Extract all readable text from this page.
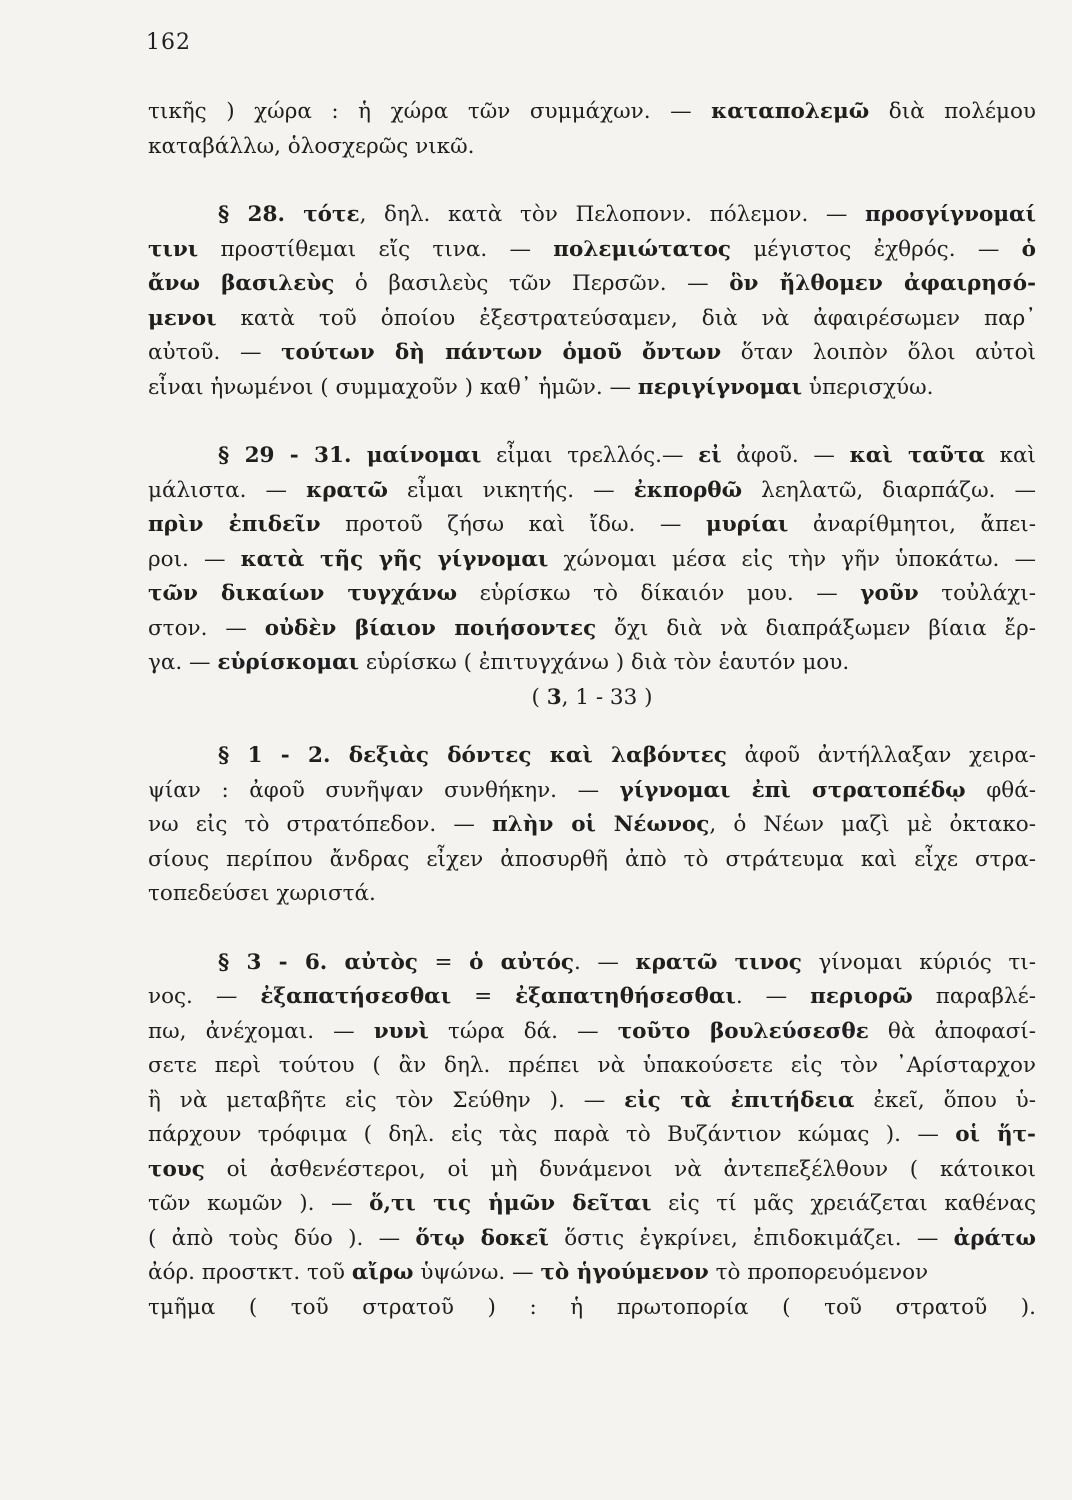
162
τικῆς ) χώρα : ἡ χώρα τῶν συμμάχων. — καταπολεμῶ διὰ πολέμου
καταβάλλω, ὁλοσχερῶς νικῶ.
§ 28. τότε, δηλ. κατὰ τὸν Πελοπονν. πόλεμον. — προσγίγνομαί
τινι προστίθεμαι εἴς τινα. — πολεμιώτατος μέγιστος ἐχθρός. — ὁ
ἄνω βασιλεὺς ὁ βασιλεὺς τῶν Περσῶν. — ὃν ἤλθομεν ἀφαιρησό-
μενοι κατὰ τοῦ ὁποίου ἐξεστρατεύσαμεν, διὰ νὰ ἀφαιρέσωμεν παρ᾽
αὐτοῦ. — τούτων δὴ πάντων ὁμοῦ ὄντων ὅταν λοιπὸν ὅλοι αὐτοὶ
εἶναι ἡνωμένοι ( συμμαχοῦν ) καθ᾽ ἡμῶν. — περιγίγνομαι ὑπερισχύω.
§ 29 - 31. μαίνομαι εἶμαι τρελλός.— εἰ ἀφοῦ. — καὶ ταῦτα καὶ
μάλιστα. — κρατῶ εἶμαι νικητής. — ἐκπορθῶ λεηλατῶ, διαρπάζω. —
πρὶν ἐπιδεῖν προτοῦ ζήσω καὶ ἴδω. — μυρίαι ἀναρίθμητοι, ἄπει-
ροι. — κατὰ τῆς γῆς γίγνομαι χώνομαι μέσα εἰς τὴν γῆν ὑποκάτω. —
τῶν δικαίων τυγχάνω εὑρίσκω τὸ δίκαιόν μου. — γοῦν τοὐλάχι-
στον. — οὐδὲν βίαιον ποιήσοντες ὄχι διὰ νὰ διαπράξωμεν βίαια ἔρ-
γα. — εὑρίσκομαι εὑρίσκω ( ἐπιτυγχάνω ) διὰ τὸν ἑαυτόν μου.
( 3, 1 - 33 )
§ 1 - 2. δεξιὰς δόντες καὶ λαβόντες ἀφοῦ ἀντήλλαξαν χειρα-
ψίαν : ἀφοῦ συνῆψαν συνθήκην. — γίγνομαι ἐπὶ στρατοπέδῳ φθά-
νω εἰς τὸ στρατόπεδον. — πλὴν οἱ Νέωνος, ὁ Νέων μαζὶ μὲ ὀκτακο-
σίους περίπου ἄνδρας εἶχεν ἀποσυρθῆ ἀπὸ τὸ στράτευμα καὶ εἶχε στρα-
τοπεδεύσει χωριστά.
§ 3 - 6. αὐτὸς = ὁ αὐτός. — κρατῶ τινος γίνομαι κύριός τι-
νος. — ἐξαπατήσεσθαι = ἐξαπατηθήσεσθαι. — περιορῶ παραβλέ-
πω, ἀνέχομαι. — νυνὶ τώρα δά. — τοῦτο βουλεύσεσθε θὰ ἀποφασί-
σετε περὶ τούτου ( ἂν δηλ. πρέπει νὰ ὑπακούσετε εἰς τὸν ᾽Αρίσταρχον
ἢ νὰ μεταβῆτε εἰς τὸν Σεύθην ). — εἰς τὰ ἐπιτήδεια ἐκεῖ, ὅπου ὑ-
πάρχουν τρόφιμα ( δηλ. εἰς τὰς παρὰ τὸ Βυζάντιον κώμας ). — οἱ ἥτ-
τους οἱ ἀσθενέστεροι, οἱ μὴ δυνάμενοι νὰ ἀντεπεξέλθουν ( κάτοικοι
τῶν κωμῶν ). — ὅ,τι τις ἡμῶν δεῖται εἰς τί μᾶς χρειάζεται καθένας
( ἀπὸ τοὺς δύο ). — ὅτῳ δοκεῖ ὅστις ἐγκρίνει, ἐπιδοκιμάζει. — ἀράτω
ἀόρ. προστκτ. τοῦ αἴρω ὑψώνω. — τὸ ἡγούμενον τὸ προπορευόμενον
τμῆμα ( τοῦ στρατοῦ ) : ἡ πρωτοπορία ( τοῦ στρατοῦ ).
